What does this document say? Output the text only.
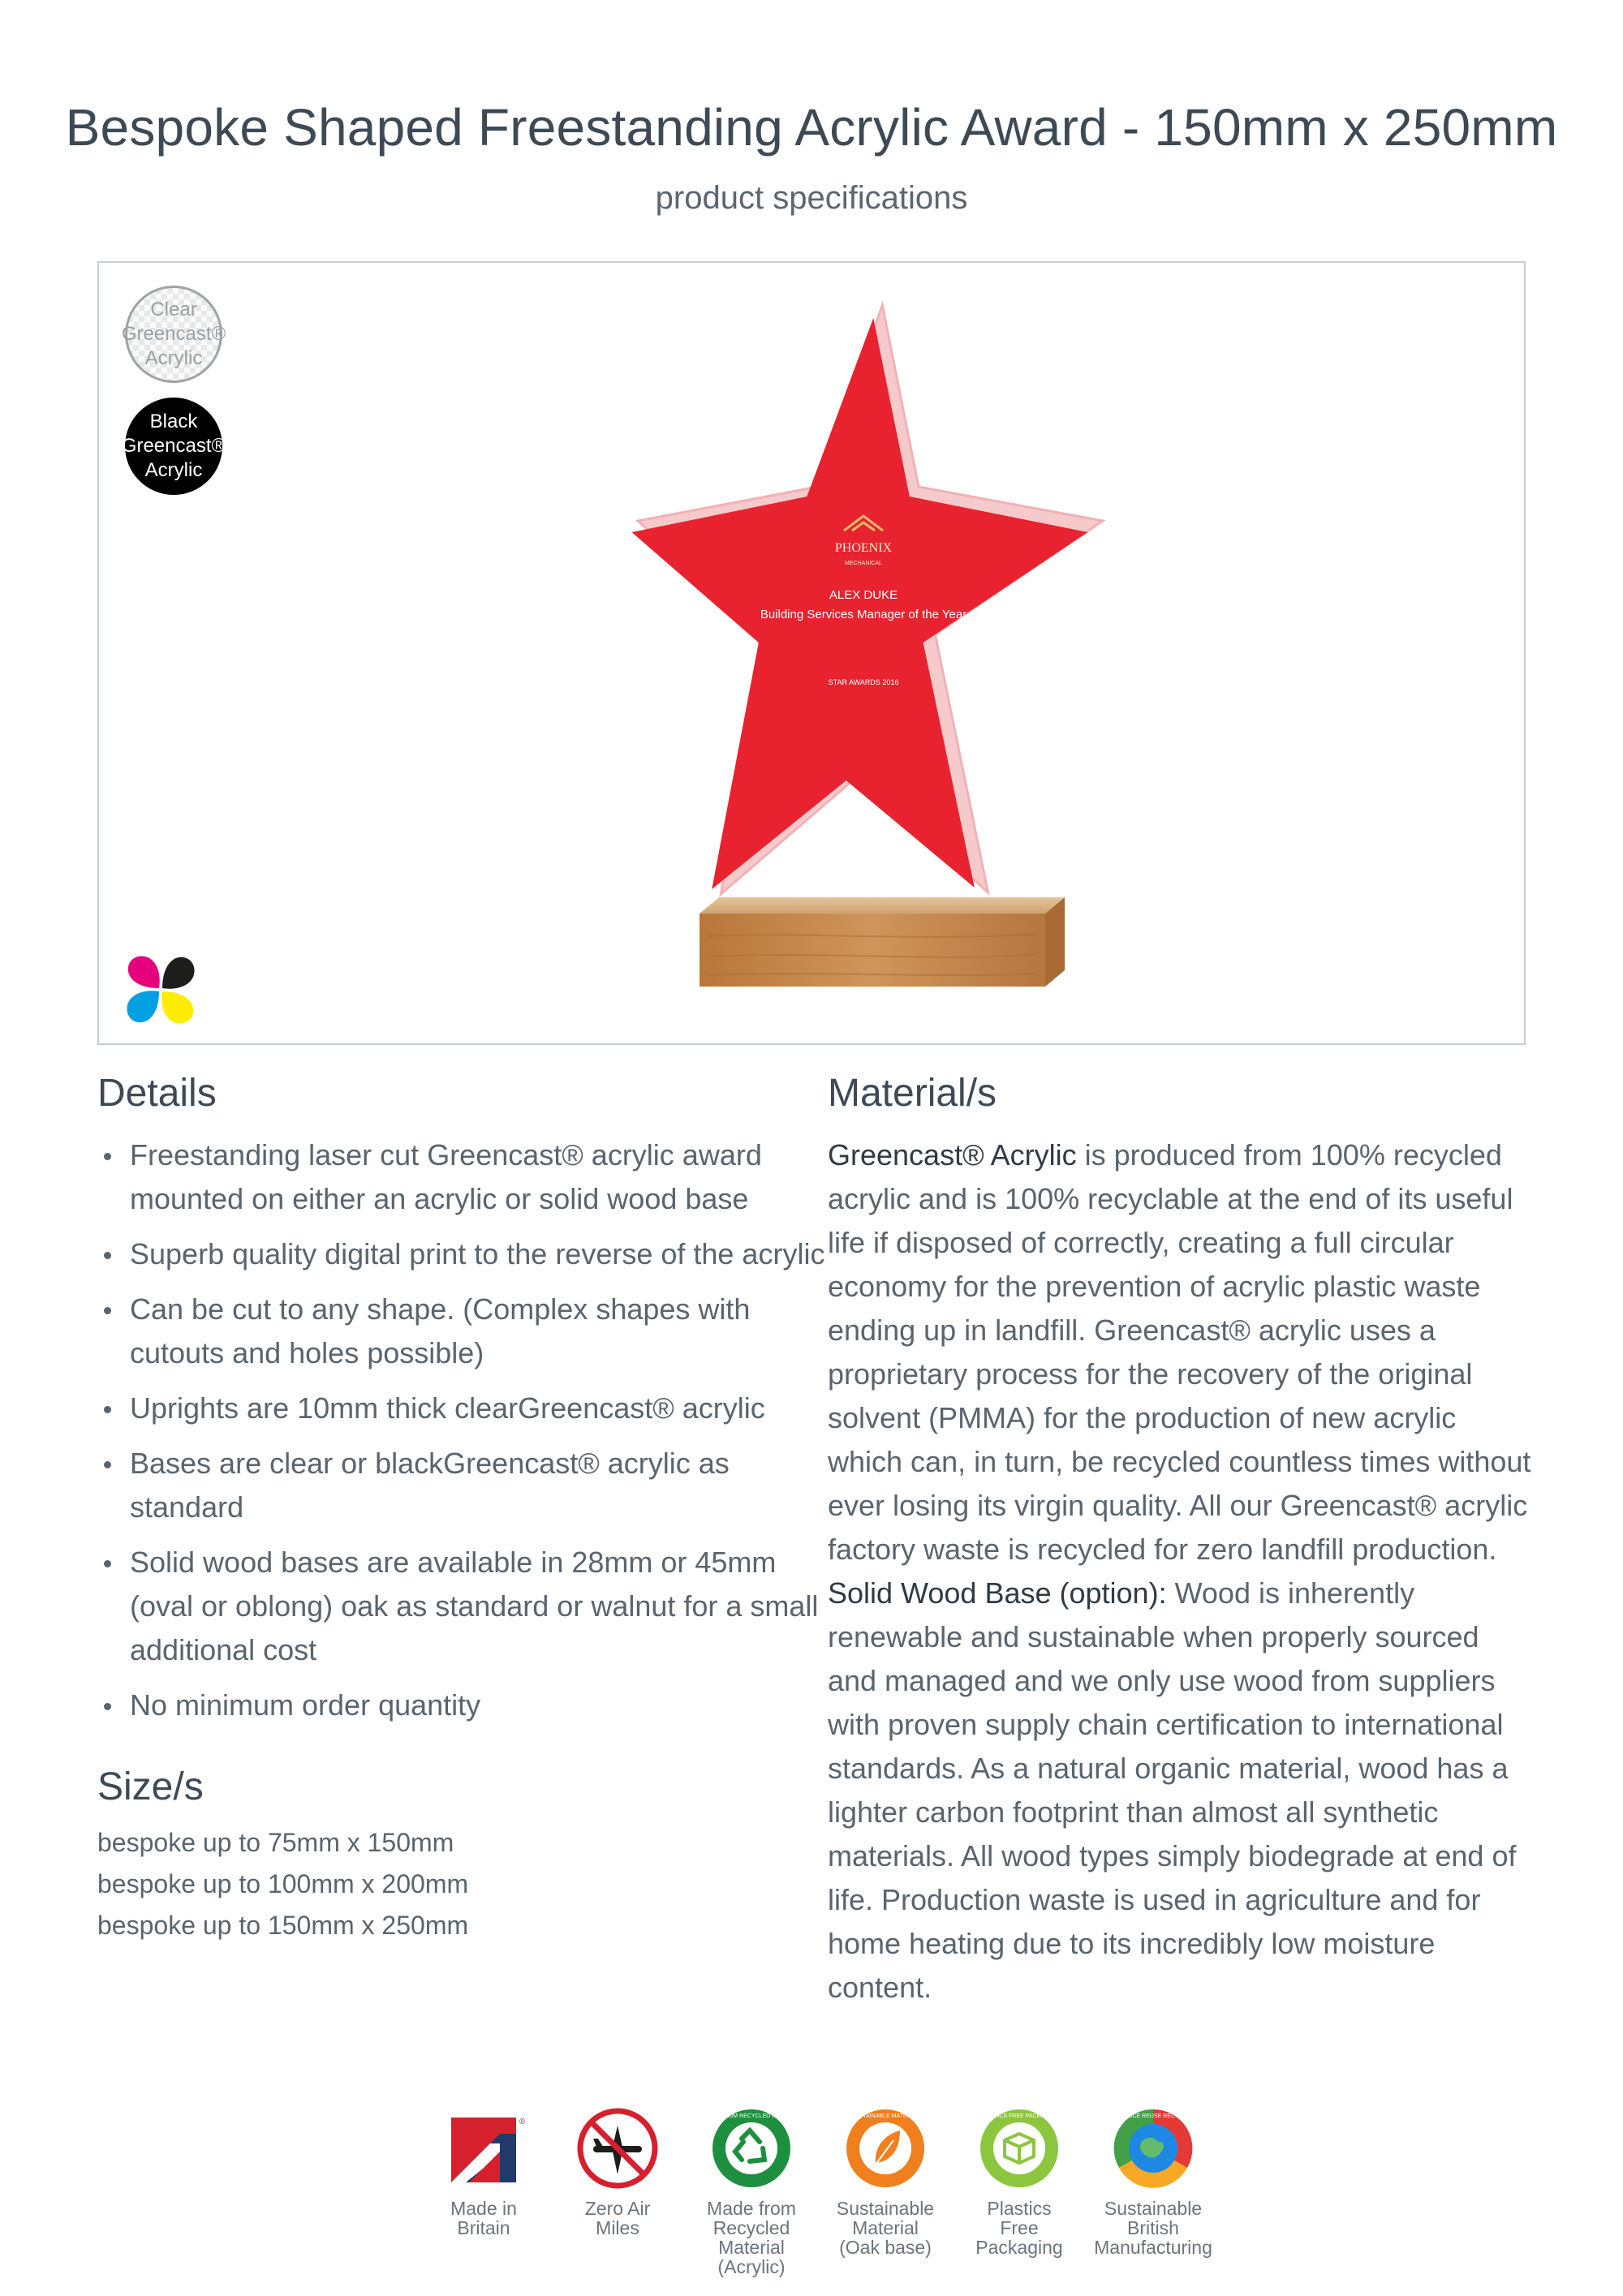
Bespoke Shaped Freestanding Acrylic Award - 150mm x 250mm
product specifications
Clear Greencast® Acrylic
Black Greencast® Acrylic
PHOENIX
MECHANICAL
ALEX DUKE
Building Services Manager of the Year
STAR AWARDS 2016
Details
Freestanding laser cut Greencast® acrylic award mounted on either an acrylic or solid wood base
Superb quality digital print to the reverse of the acrylic
Can be cut to any shape. (Complex shapes with cutouts and holes possible)
Uprights are 10mm thick clearGreencast® acrylic
Bases are clear or blackGreencast® acrylic as standard
Solid wood bases are available in 28mm or 45mm (oval or oblong) oak as standard or walnut for a small additional cost
No minimum order quantity
Size/s
bespoke up to 75mm x 150mm
bespoke up to 100mm x 200mm
bespoke up to 150mm x 250mm
Material/s

Greencast® Acrylic is produced from 100% recycled acrylic and is 100% recyclable at the end of its useful life if disposed of correctly, creating a full circular economy for the prevention of acrylic plastic waste ending up in landfill. Greencast® acrylic uses a proprietary process for the recovery of the original solvent (PMMA) for the production of new acrylic which can, in turn, be recycled countless times without ever losing its virgin quality. All our Greencast® acrylic factory waste is recycled for zero landfill production.

Solid Wood Base (option): Wood is inherently renewable and sustainable when properly sourced and managed and we only use wood from suppliers with proven supply chain certification to international standards. As a natural organic material, wood has a lighter carbon footprint than almost all synthetic materials. All wood types simply biodegrade at end of life. Production waste is used in agriculture and for home heating due to its incredibly low moisture content.

®
Made in
Britain
Zero Air
Miles
MADE FROM RECYCLED MATERIAL
Made from
Recycled
Material
(Acrylic)
SUSTAINABLE MATERIAL
Sustainable
Material
(Oak base)
PLASTICS FREE PACKAGING
Plastics
Free
Packaging
REDUCE REUSE RECYCLE
Sustainable
British
Manufacturing
